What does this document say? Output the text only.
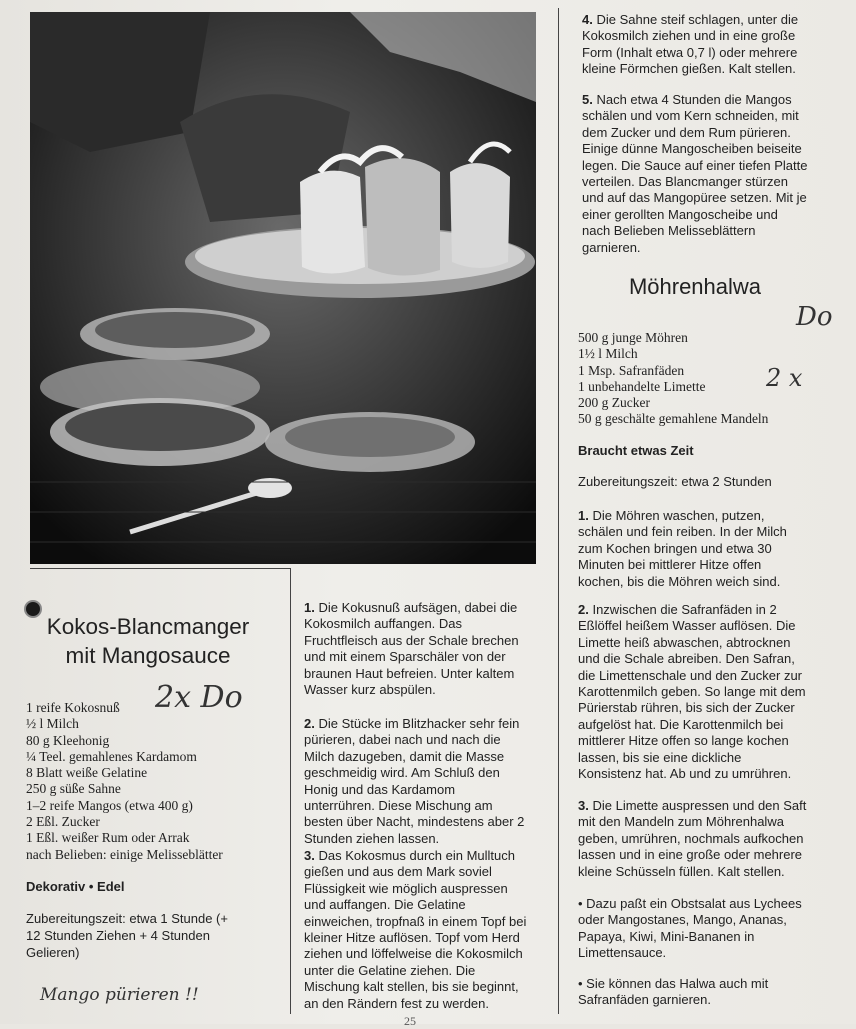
Kokos-Blancmanger mit Mangosauce
2x Do
1 reife Kokosnuß
½ l Milch
80 g Kleehonig
¼ Teel. gemahlenes Kardamom
8 Blatt weiße Gelatine
250 g süße Sahne
1–2 reife Mangos (etwa 400 g)
2 Eßl. Zucker
1 Eßl. weißer Rum oder Arrak
nach Belieben: einige Melisseblätter
Dekorativ • Edel
Zubereitungszeit: etwa 1 Stunde (+ 12 Stunden Ziehen + 4 Stunden Gelieren)
Mango pürieren !!
1. Die Kokusnuß aufsägen, dabei die Kokosmilch auffangen. Das Fruchtfleisch aus der Schale brechen und mit einem Sparschäler von der braunen Haut befreien. Unter kaltem Wasser kurz abspülen.
2. Die Stücke im Blitzhacker sehr fein pürieren, dabei nach und nach die Milch dazugeben, damit die Masse geschmeidig wird. Am Schluß den Honig und das Kardamom unterrühren. Diese Mischung am besten über Nacht, mindestens aber 2 Stunden ziehen lassen.
3. Das Kokosmus durch ein Mulltuch gießen und aus dem Mark soviel Flüssigkeit wie möglich auspressen und auffangen. Die Gelatine einweichen, tropfnaß in einem Topf bei kleiner Hitze auflösen. Topf vom Herd ziehen und löffelweise die Kokosmilch unter die Gelatine ziehen. Die Mischung kalt stellen, bis sie beginnt, an den Rändern fest zu werden.
4. Die Sahne steif schlagen, unter die Kokosmilch ziehen und in eine große Form (Inhalt etwa 0,7 l) oder mehrere kleine Förmchen gießen. Kalt stellen.
5. Nach etwa 4 Stunden die Mangos schälen und vom Kern schneiden, mit dem Zucker und dem Rum pürieren. Einige dünne Mangoscheiben beiseite legen. Die Sauce auf einer tiefen Platte verteilen. Das Blancmanger stürzen und auf das Mangopüree setzen. Mit je einer gerollten Mangoscheibe und nach Belieben Melisseblättern garnieren.
Möhrenhalwa
Do
2 x
500 g junge Möhren
1½ l Milch
1 Msp. Safranfäden
1 unbehandelte Limette
200 g Zucker
50 g geschälte gemahlene Mandeln
Braucht etwas Zeit
Zubereitungszeit: etwa 2 Stunden
1. Die Möhren waschen, putzen, schälen und fein reiben. In der Milch zum Kochen bringen und etwa 30 Minuten bei mittlerer Hitze offen kochen, bis die Möhren weich sind.
2. Inzwischen die Safranfäden in 2 Eßlöffel heißem Wasser auflösen. Die Limette heiß abwaschen, abtrocknen und die Schale abreiben. Den Safran, die Limettenschale und den Zucker zur Karottenmilch geben. So lange mit dem Pürierstab rühren, bis sich der Zucker aufgelöst hat. Die Karottenmilch bei mittlerer Hitze offen so lange kochen lassen, bis sie eine dickliche Konsistenz hat. Ab und zu umrühren.
3. Die Limette auspressen und den Saft mit den Mandeln zum Möhrenhalwa geben, umrühren, nochmals aufkochen lassen und in eine große oder mehrere kleine Schüsseln füllen. Kalt stellen.
• Dazu paßt ein Obstsalat aus Lychees oder Mangostanes, Mango, Ananas, Papaya, Kiwi, Mini-Bananen in Limettensauce.
• Sie können das Halwa auch mit Safranfäden garnieren.
25
